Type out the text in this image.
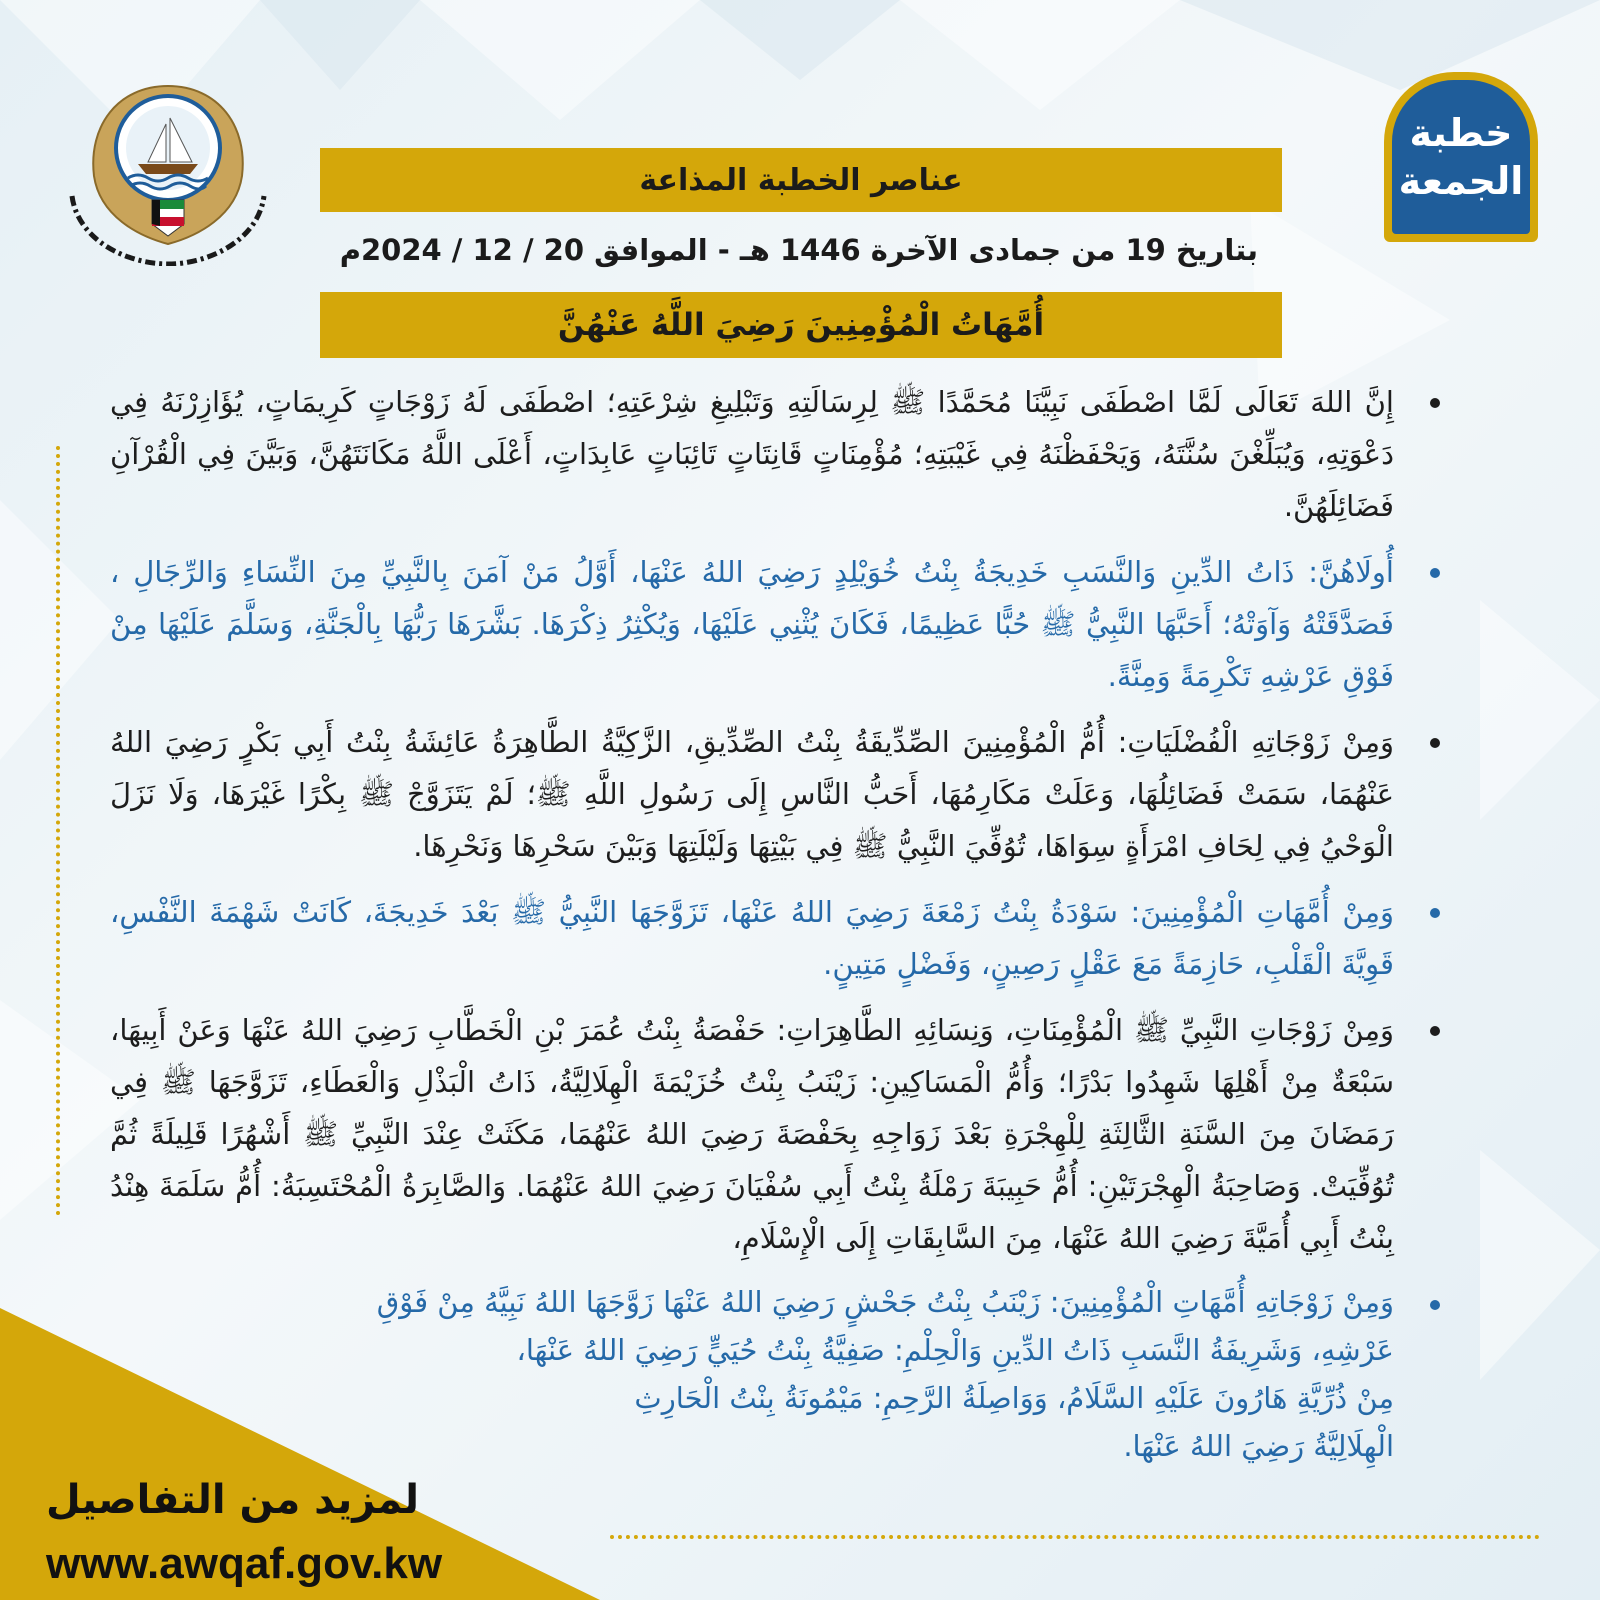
خطبة
الجمعة
عناصر الخطبة المذاعة
بتاريخ 19 من جمادى الآخرة 1446 هـ - الموافق 20 / 12 / 2024م
أُمَّهَاتُ الْمُؤْمِنِينَ رَضِيَ اللَّهُ عَنْهُنَّ
إِنَّ اللهَ تَعَالَى لَمَّا اصْطَفَى نَبِيَّنَا مُحَمَّدًا ﷺ لِرِسَالَتِهِ وَتَبْلِيغِ شِرْعَتِهِ؛ اصْطَفَى لَهُ زَوْجَاتٍ كَرِيمَاتٍ، يُؤَازِرْنَهُ فِي دَعْوَتِهِ، وَيُبَلِّغْنَ سُنَّتَهُ، وَيَحْفَظْنَهُ فِي غَيْبَتِهِ؛ مُؤْمِنَاتٍ قَانِتَاتٍ تَائِبَاتٍ عَابِدَاتٍ، أَعْلَى اللَّهُ مَكَانَتَهُنَّ، وَبَيَّنَ فِي الْقُرْآنِ فَضَائِلَهُنَّ.
أُولَاهُنَّ: ذَاتُ الدِّينِ وَالنَّسَبِ خَدِيجَةُ بِنْتُ خُوَيْلِدٍ رَضِيَ اللهُ عَنْهَا، أَوَّلُ مَنْ آمَنَ بِالنَّبِيِّ مِنَ النِّسَاءِ وَالرِّجَالِ ، فَصَدَّقَتْهُ وَآوَتْهُ؛ أَحَبَّهَا النَّبِيُّ ﷺ حُبًّا عَظِيمًا، فَكَانَ يُثْنِي عَلَيْهَا، وَيُكْثِرُ ذِكْرَهَا. بَشَّرَهَا رَبُّهَا بِالْجَنَّةِ، وَسَلَّمَ عَلَيْهَا مِنْ فَوْقِ عَرْشِهِ تَكْرِمَةً وَمِنَّةً.
وَمِنْ زَوْجَاتِهِ الْفُضْلَيَاتِ: أُمُّ الْمُؤْمِنِينَ الصِّدِّيقَةُ بِنْتُ الصِّدِّيقِ، الزَّكِيَّةُ الطَّاهِرَةُ عَائِشَةُ بِنْتُ أَبِي بَكْرٍ رَضِيَ اللهُ عَنْهُمَا، سَمَتْ فَضَائِلُهَا، وَعَلَتْ مَكَارِمُهَا، أَحَبُّ النَّاسِ إِلَى رَسُولِ اللَّهِ ﷺ؛ لَمْ يَتَزَوَّجْ ﷺ بِكْرًا غَيْرَهَا، وَلَا نَزَلَ الْوَحْيُ فِي لِحَافِ امْرَأَةٍ سِوَاهَا، تُوُفِّيَ النَّبِيُّ ﷺ فِي بَيْتِهَا وَلَيْلَتِهَا وَبَيْنَ سَحْرِهَا وَنَحْرِهَا.
وَمِنْ أُمَّهَاتِ الْمُؤْمِنِينَ: سَوْدَةُ بِنْتُ زَمْعَةَ رَضِيَ اللهُ عَنْهَا، تَزَوَّجَهَا النَّبِيُّ ﷺ بَعْدَ خَدِيجَةَ، كَانَتْ شَهْمَةَ النَّفْسِ، قَوِيَّةَ الْقَلْبِ، حَازِمَةً مَعَ عَقْلٍ رَصِينٍ، وَفَضْلٍ مَتِينٍ.
وَمِنْ زَوْجَاتِ النَّبِيِّ ﷺ الْمُؤْمِنَاتِ، وَنِسَائِهِ الطَّاهِرَاتِ: حَفْصَةُ بِنْتُ عُمَرَ بْنِ الْخَطَّابِ رَضِيَ اللهُ عَنْهَا وَعَنْ أَبِيهَا، سَبْعَةٌ مِنْ أَهْلِهَا شَهِدُوا بَدْرًا؛ وَأُمُّ الْمَسَاكِينِ: زَيْنَبُ بِنْتُ خُزَيْمَةَ الْهِلَالِيَّةُ، ذَاتُ الْبَذْلِ وَالْعَطَاءِ، تَزَوَّجَهَا ﷺ فِي رَمَضَانَ مِنَ السَّنَةِ الثَّالِثَةِ لِلْهِجْرَةِ بَعْدَ زَوَاجِهِ بِحَفْصَةَ رَضِيَ اللهُ عَنْهُمَا، مَكَثَتْ عِنْدَ النَّبِيِّ ﷺ أَشْهُرًا قَلِيلَةً ثُمَّ تُوُفِّيَتْ. وَصَاحِبَةُ الْهِجْرَتَيْنِ: أُمُّ حَبِيبَةَ رَمْلَةُ بِنْتُ أَبِي سُفْيَانَ رَضِيَ اللهُ عَنْهُمَا. وَالصَّابِرَةُ الْمُحْتَسِبَةُ: أُمُّ سَلَمَةَ هِنْدُ بِنْتُ أَبِي أُمَيَّةَ رَضِيَ اللهُ عَنْهَا، مِنَ السَّابِقَاتِ إِلَى الْإِسْلَامِ،
وَمِنْ زَوْجَاتِهِ أُمَّهَاتِ الْمُؤْمِنِينَ: زَيْنَبُ بِنْتُ جَحْشٍ رَضِيَ اللهُ عَنْهَا زَوَّجَهَا اللهُ نَبِيَّهُ مِنْ فَوْقِ
عَرْشِهِ، وَشَرِيفَةُ النَّسَبِ ذَاتُ الدِّينِ وَالْحِلْمِ: صَفِيَّةُ بِنْتُ حُيَيٍّ رَضِيَ اللهُ عَنْهَا،
مِنْ ذُرِّيَّةِ هَارُونَ عَلَيْهِ السَّلَامُ، وَوَاصِلَةُ الرَّحِمِ: مَيْمُونَةُ بِنْتُ الْحَارِثِ
الْهِلَالِيَّةُ رَضِيَ اللهُ عَنْهَا.
لمزيد من التفاصيل
www.awqaf.gov.kw
